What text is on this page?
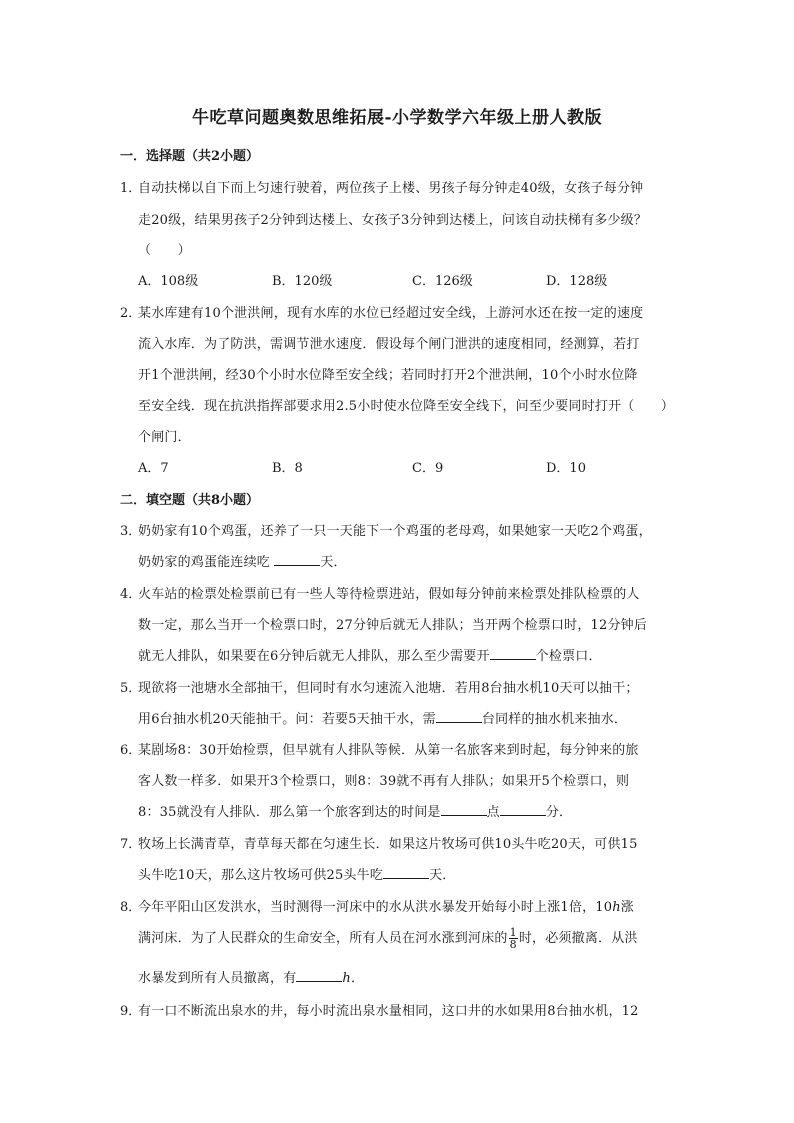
牛吃草问题奥数思维拓展-小学数学六年级上册人教版
一．选择题（共2小题）
1．
自动扶梯以自下而上匀速行驶着，两位孩子上楼、男孩子每分钟走40级，女孩子每分钟
走20级，结果男孩子2分钟到达楼上、女孩子3分钟到达楼上，问该自动扶梯有多少级？
（　　）
A．108级	B．120级	C．126级	D．128级
2．
某水库建有10个泄洪闸，现有水库的水位已经超过安全线，上游河水还在按一定的速度
流入水库．为了防洪，需调节泄水速度．假设每个闸门泄洪的速度相同，经测算，若打
开1个泄洪闸，经30个小时水位降至安全线；若同时打开2个泄洪闸，10个小时水位降
至安全线．现在抗洪指挥部要求用2.5小时使水位降至安全线下，问至少要同时打开（　　）
个闸门．
A．7	B．8	C．9	D．10
二．填空题（共8小题）
3．
奶奶家有10个鸡蛋，还养了一只一天能下一个鸡蛋的老母鸡，如果她家一天吃2个鸡蛋，
奶奶家的鸡蛋能连续吃	天．
4．
火车站的检票处检票前已有一些人等待检票进站，假如每分钟前来检票处排队检票的人
数一定，那么当开一个检票口时，27分钟后就无人排队；当开两个检票口时，12分钟后
就无人排队，如果要在6分钟后就无人排队，那么至少需要开	个检票口．
5．
现欲将一池塘水全部抽干，但同时有水匀速流入池塘．若用8台抽水机10天可以抽干；
用6台抽水机20天能抽干。问：若要5天抽干水，需	台同样的抽水机来抽水．
6．
某剧场8：30开始检票，但早就有人排队等候．从第一名旅客来到时起，每分钟来的旅
客人数一样多．如果开3个检票口，则8：39就不再有人排队；如果开5个检票口，则
8：35就没有人排队．那么第一个旅客到达的时间是	点	分．
7．
牧场上长满青草，青草每天都在匀速生长．如果这片牧场可供10头牛吃20天，可供15
头牛吃10天，那么这片牧场可供25头牛吃	天．
8．
今年平阳山区发洪水，当时测得一河床中的水从洪水暴发开始每小时上涨1倍，10h涨
满河床．为了人民群众的生命安全，所有人员在河水涨到河床的 $\frac{1}{8}$ 时，必须撤离．从洪
水暴发到所有人员撤离，有	h．
9．
有一口不断流出泉水的井，每小时流出泉水量相同，这口井的水如果用8台抽水机，12
